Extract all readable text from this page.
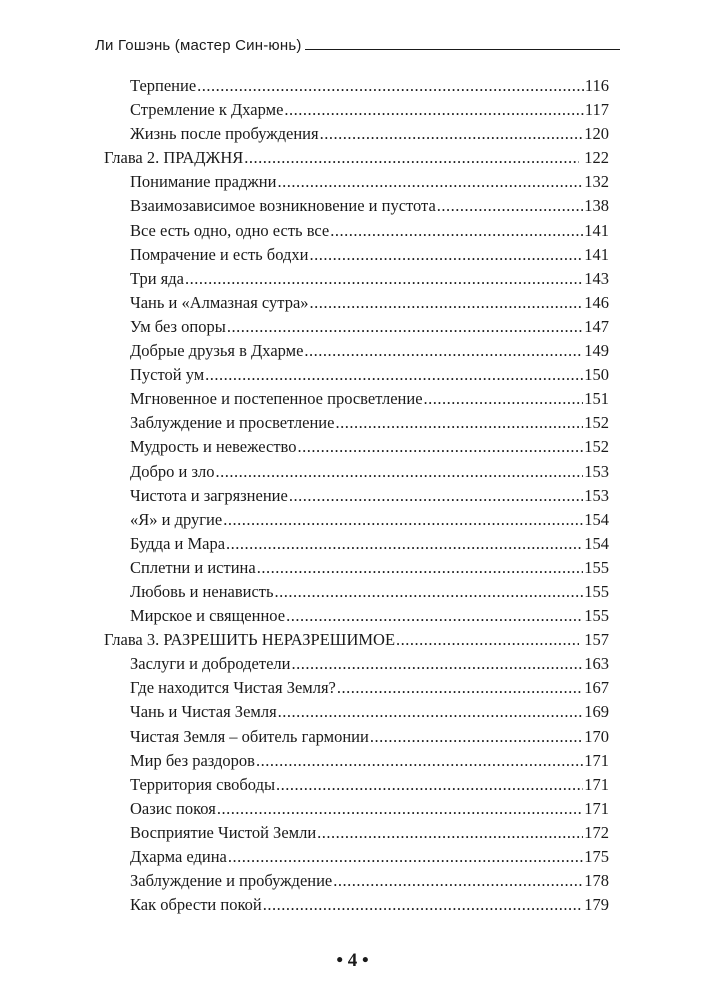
Ли Гошэнь (мастер Син-юнь)
Терпение .....	116
Стремление к Дхарме .....	117
Жизнь после пробуждения .....	120
Глава 2. ПРАДЖНЯ .....	122
Понимание праджни .....	132
Взаимозависимое возникновение и пустота .....	138
Все есть одно, одно есть все .....	141
Помрачение и есть бодхи .....	141
Три яда .....	143
Чань и «Алмазная сутра» .....	146
Ум без опоры .....	147
Добрые друзья в Дхарме .....	149
Пустой ум .....	150
Мгновенное и постепенное просветление .....	151
Заблуждение и просветление .....	152
Мудрость и невежество .....	152
Добро и зло .....	153
Чистота и загрязнение .....	153
«Я» и другие .....	154
Будда и Мара .....	154
Сплетни и истина .....	155
Любовь и ненависть .....	155
Мирское и священное .....	155
Глава 3. РАЗРЕШИТЬ НЕРАЗРЕШИМОЕ .....	157
Заслуги и добродетели .....	163
Где находится Чистая Земля? .....	167
Чань и Чистая Земля .....	169
Чистая Земля – обитель гармонии .....	170
Мир без раздоров .....	171
Территория свободы .....	171
Оазис покоя .....	171
Восприятие Чистой Земли .....	172
Дхарма едина .....	175
Заблуждение и пробуждение .....	178
Как обрести покой .....	179
• 4 •
